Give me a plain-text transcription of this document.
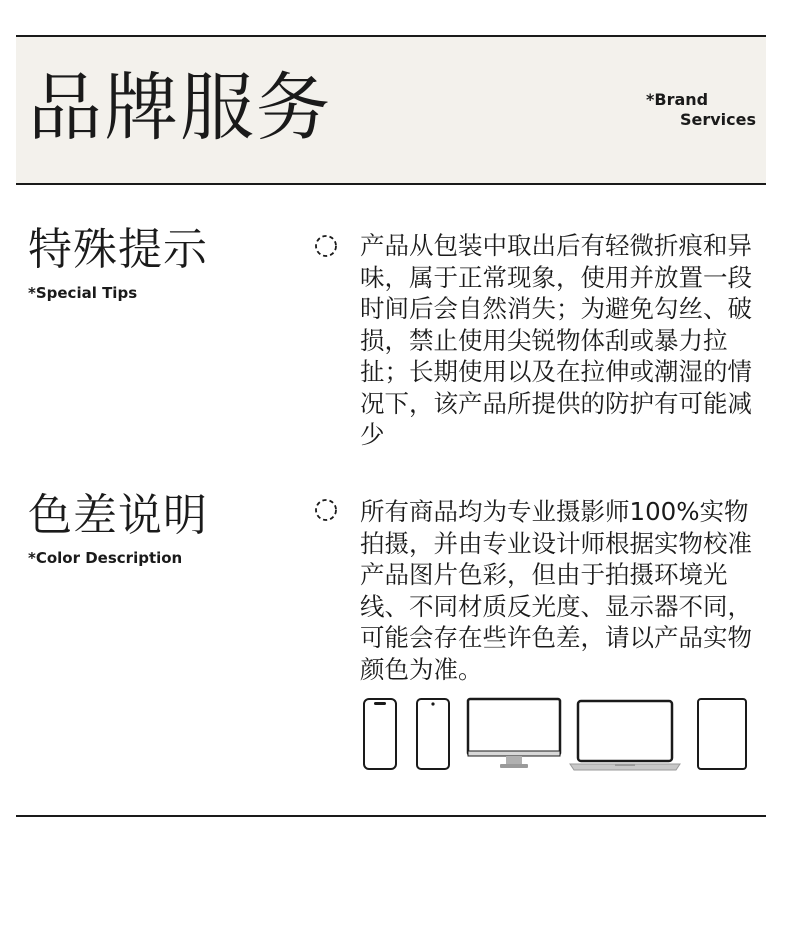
品牌服务	*Brand
Services
特殊提示
*Special Tips
产品从包装中取出后有轻微折痕和异味，属于正常现象，使用并放置一段时间后会自然消失；为避免勾丝、破损，禁止使用尖锐物体刮或暴力拉扯；长期使用以及在拉伸或潮湿的情况下，该产品所提供的防护有可能减少
色差说明
*Color Description
所有商品均为专业摄影师100%实物拍摄，并由专业设计师根据实物校准产品图片色彩，但由于拍摄环境光线、不同材质反光度、显示器不同，可能会存在些许色差，请以产品实物颜色为准。
